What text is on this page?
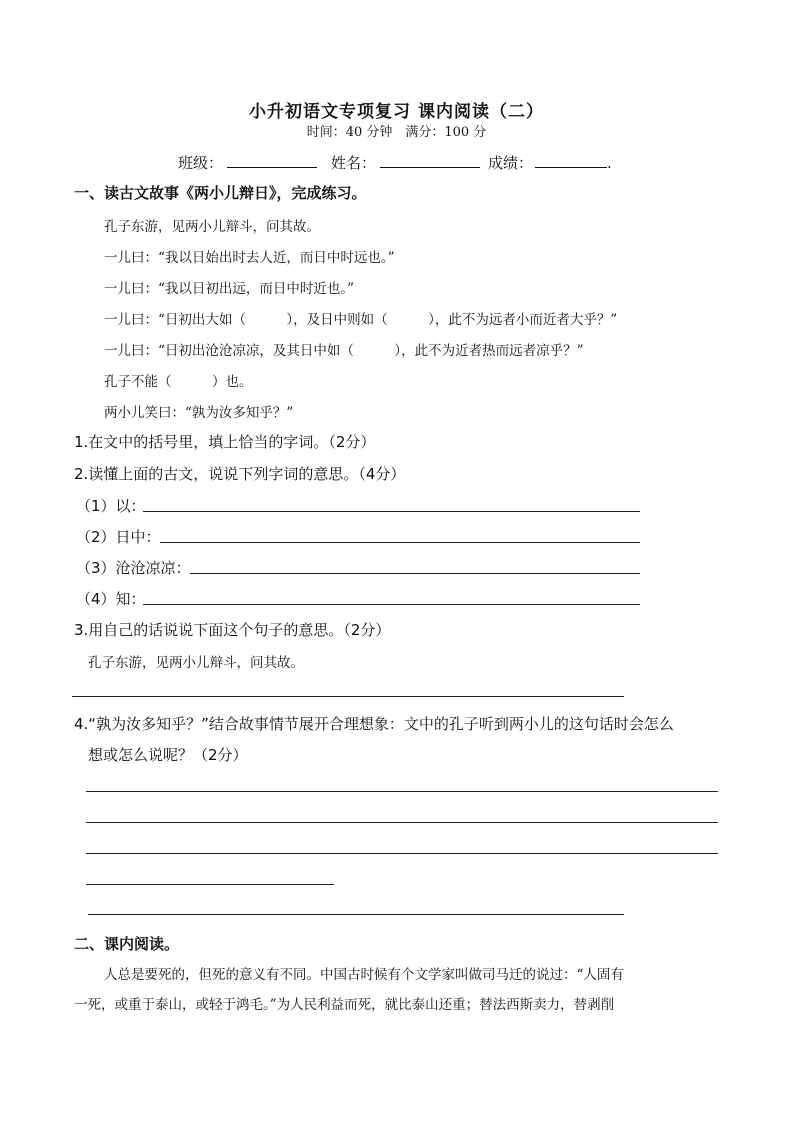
小升初语文专项复习 课内阅读（二）
时间：40 分钟　满分：100 分
班级：	姓名：	成绩：	.
一、读古文故事《两小儿辩日》，完成练习。
孔子东游，见两小儿辩斗，问其故。
一儿曰：“我以日始出时去人近，而日中时远也。”
一儿曰：“我以日初出远，而日中时近也。”
一儿曰：“日初出大如（　　　），及日中则如（　　　），此不为远者小而近者大乎？”
一儿曰：“日初出沧沧凉凉，及其日中如（　　　），此不为近者热而远者凉乎？”
孔子不能（　　　）也。
两小儿笑曰：“孰为汝多知乎？”
1.在文中的括号里，填上恰当的字词。（2分）
2.读懂上面的古文，说说下列字词的意思。（4分）
（1）以：
（2）日中：
（3）沧沧凉凉：
（4）知：
3.用自己的话说说下面这个句子的意思。（2分）
孔子东游，见两小儿辩斗，问其故。
4.“孰为汝多知乎？”结合故事情节展开合理想象：文中的孔子听到两小儿的这句话时会怎么
想或怎么说呢？（2分）
二、课内阅读。
人总是要死的，但死的意义有不同。中国古时候有个文学家叫做司马迁的说过：“人固有
一死，或重于泰山，或轻于鸿毛。”为人民利益而死，就比泰山还重；替法西斯卖力，替剥削
